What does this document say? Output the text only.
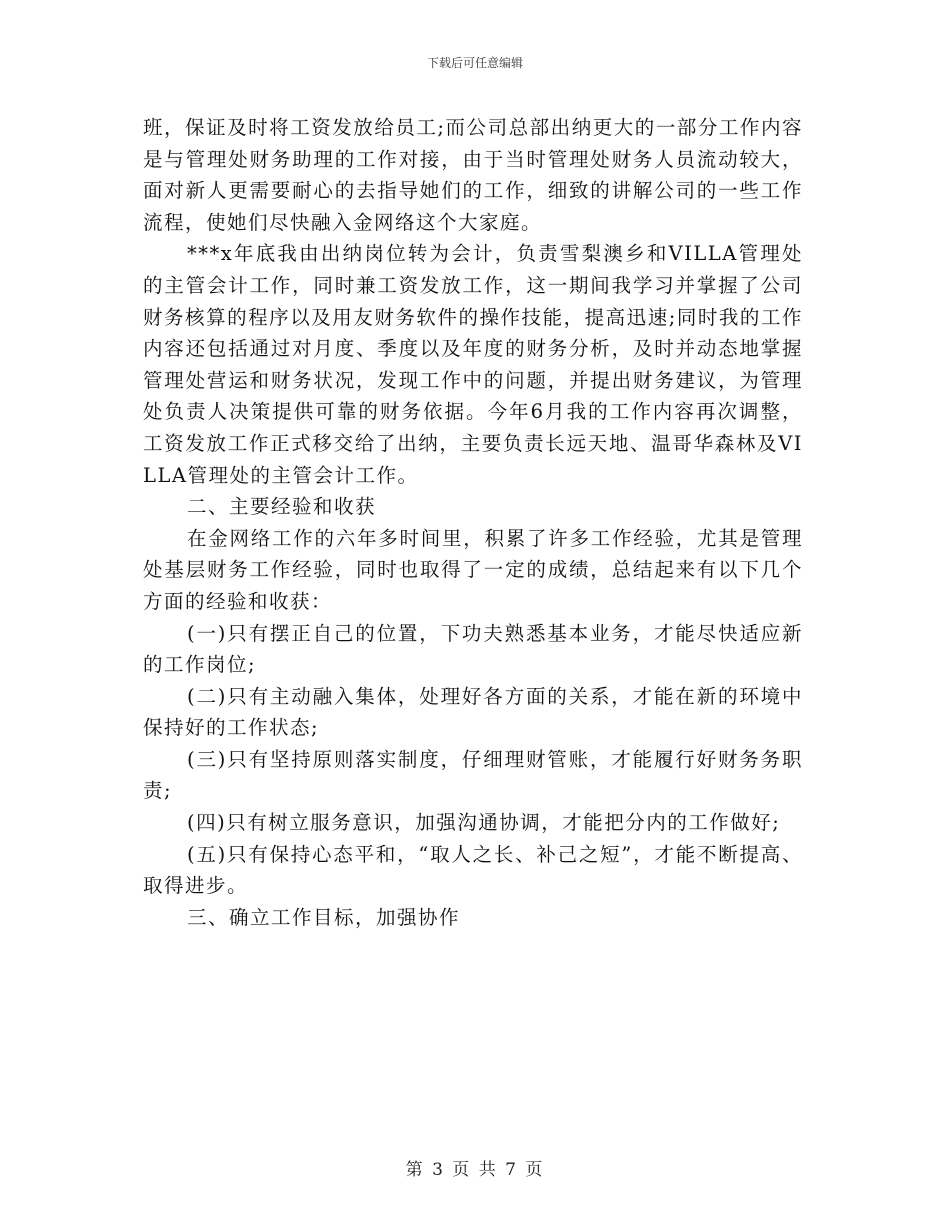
下载后可任意编辑

班，保证及时将工资发放给员工;而公司总部出纳更大的一部分工作内容是与管理处财务助理的工作对接，由于当时管理处财务人员流动较大，面对新人更需要耐心的去指导她们的工作，细致的讲解公司的一些工作流程，使她们尽快融入金网络这个大家庭。

***x年底我由出纳岗位转为会计，负责雪梨澳乡和VILLA管理处的主管会计工作，同时兼工资发放工作，这一期间我学习并掌握了公司财务核算的程序以及用友财务软件的操作技能，提高迅速;同时我的工作内容还包括通过对月度、季度以及年度的财务分析，及时并动态地掌握管理处营运和财务状况，发现工作中的问题，并提出财务建议，为管理处负责人决策提供可靠的财务依据。今年6月我的工作内容再次调整，工资发放工作正式移交给了出纳，主要负责长远天地、温哥华森林及VILLA管理处的主管会计工作。

二、主要经验和收获

在金网络工作的六年多时间里，积累了许多工作经验，尤其是管理处基层财务工作经验，同时也取得了一定的成绩，总结起来有以下几个方面的经验和收获：

(一)只有摆正自己的位置，下功夫熟悉基本业务，才能尽快适应新的工作岗位;

(二)只有主动融入集体，处理好各方面的关系，才能在新的环境中保持好的工作状态;

(三)只有坚持原则落实制度，仔细理财管账，才能履行好财务务职责;

(四)只有树立服务意识，加强沟通协调，才能把分内的工作做好;

(五)只有保持心态平和，“取人之长、补己之短”，才能不断提高、取得进步。

三、确立工作目标，加强协作

第 3 页 共 7 页
